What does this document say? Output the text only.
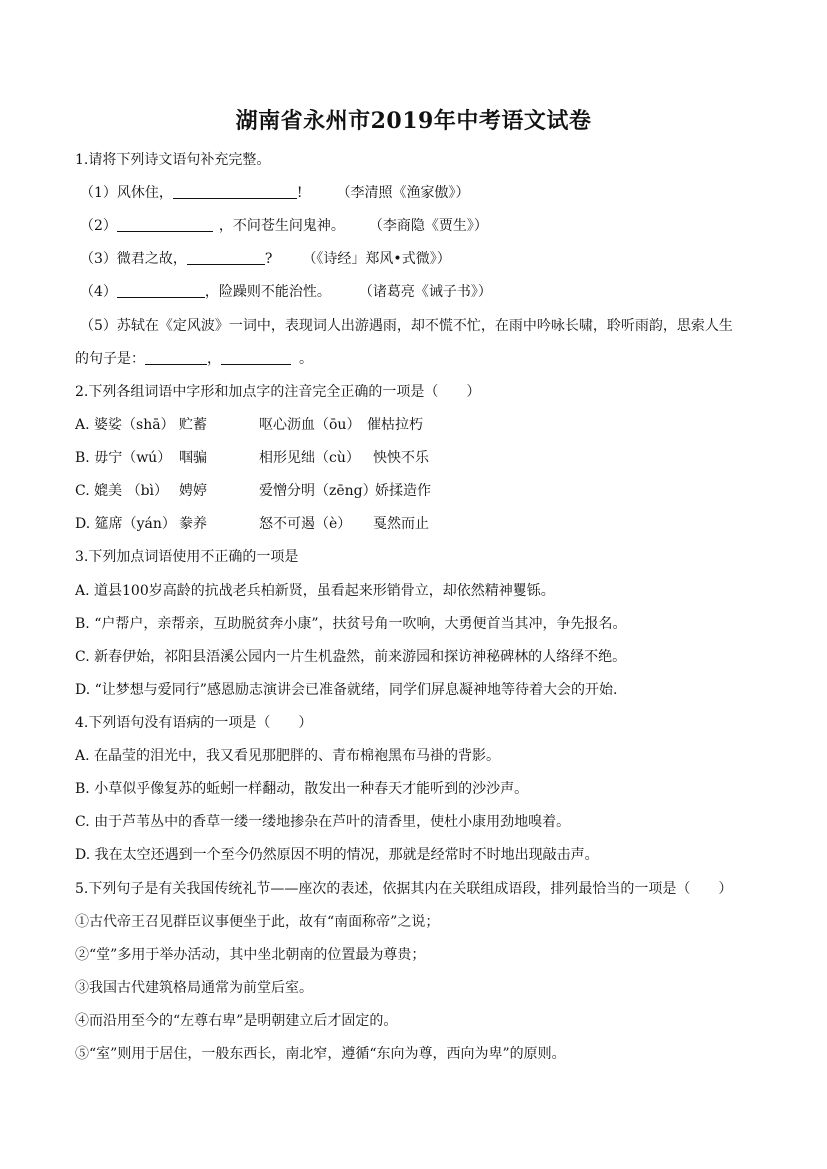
湖南省永州市2019年中考语文试卷
1.请将下列诗文语句补充完整。
（1）风休住，	! （李清照《渔家傲》）
（2）	，不问苍生问鬼神。 （李商隐《贾生》）
（3）微君之故，	? （《诗经」郑风•式微》）
（4）	，险躁则不能治性。 （诸葛亮《诫子书》）
（5）苏轼在《定风波》一词中，表现词人出游遇雨，却不慌不忙，在雨中吟咏长啸，聆听雨韵，思索人生
的句子是：	，	。
2.下列各组词语中字形和加点字的注音完全正确的一项是（　　）
A. 婆娑（shā） 贮蓄	呕心沥血（ōu） 催枯拉朽
B. 毋宁（wú） 啯骗	相形见绌（cù） 怏怏不乐
C. 媲美 （bì） 娉婷	爱憎分明（zēng）娇揉造作
D. 筵席（yán） 豢养	怒不可遏（è） 戛然而止
3.下列加点词语使用不正确的一项是
A. 道县100岁高龄的抗战老兵柏新贤，虽看起来形销骨立，却依然精神矍铄。
B. “户帮户，亲帮亲，互助脱贫奔小康”，扶贫号角一吹响，大勇便首当其冲，争先报名。
C. 新春伊始，祁阳县浯溪公园内一片生机盎然，前来游园和探访神秘碑林的人络绎不绝。
D. “让梦想与爱同行”感恩励志演讲会已准备就绪，同学们屏息凝神地等待着大会的开始.
4.下列语句没有语病的一项是（　　）
A. 在晶莹的泪光中，我又看见那肥胖的、青布棉袍黑布马褂的背影。
B. 小草似乎像复苏的蚯蚓一样翻动，散发出一种春天才能听到的沙沙声。
C. 由于芦苇丛中的香草一缕一缕地掺杂在芦叶的清香里，使杜小康用劲地嗅着。
D. 我在太空还遇到一个至今仍然原因不明的情况，那就是经常时不时地出现敲击声。
5.下列句子是有关我国传统礼节——座次的表述，依据其内在关联组成语段，排列最恰当的一项是（　　）
①古代帝王召见群臣议事便坐于此，故有“南面称帝”之说；
②“堂”多用于举办活动，其中坐北朝南的位置最为尊贵；
③我国古代建筑格局通常为前堂后室。
④而沿用至今的“左尊右卑”是明朝建立后才固定的。
⑤“室”则用于居住，一般东西长，南北窄，遵循“东向为尊，西向为卑”的原则。
